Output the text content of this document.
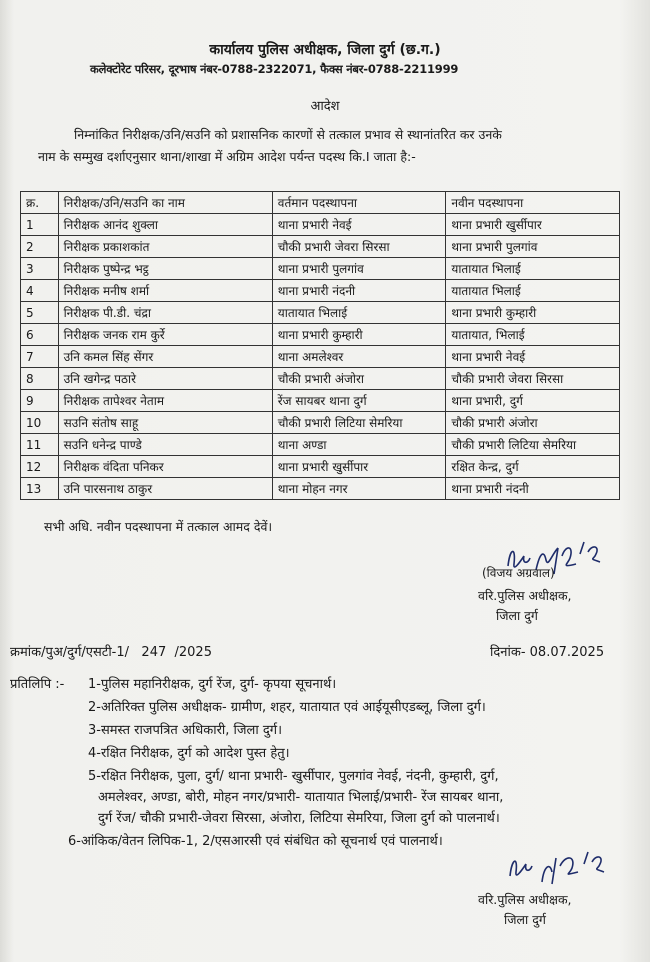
कार्यालय पुलिस अधीक्षक, जिला दुर्ग (छ.ग.)
कलेक्टोरेट परिसर, दूरभाष नंबर-0788-2322071, फैक्स नंबर-0788-2211999
आदेश
निम्नांकित निरीक्षक/उनि/सउनि को प्रशासनिक कारणों से तत्काल प्रभाव से स्थानांतरित कर उनके
नाम के सम्मुख दर्शाएनुसार थाना/शाखा में अग्रिम आदेश पर्यन्त पदस्थ कि.I जाता है:-
क्र.	निरीक्षक/उनि/सउनि का नाम	वर्तमान पदस्थापना	नवीन पदस्थापना
1	निरीक्षक आनंद शुक्ला	थाना प्रभारी नेवई	थाना प्रभारी खुर्सीपार
2	निरीक्षक प्रकाशकांत	चौकी प्रभारी जेवरा सिरसा	थाना प्रभारी पुलगांव
3	निरीक्षक पुष्पेन्द्र भट्ठ	थाना प्रभारी पुलगांव	यातायात भिलाई
4	निरीक्षक मनीष शर्मा	थाना प्रभारी नंदनी	यातायात भिलाई
5	निरीक्षक पी.डी. चंद्रा	यातायात भिलाई	थाना प्रभारी कुम्हारी
6	निरीक्षक जनक राम कुर्रे	थाना प्रभारी कुम्हारी	यातायात, भिलाई
7	उनि कमल सिंह सेंगर	थाना अमलेश्वर	थाना प्रभारी नेवई
8	उनि खगेन्द्र पठारे	चौकी प्रभारी अंजोरा	चौकी प्रभारी जेवरा सिरसा
9	निरीक्षक तापेश्वर नेताम	रेंज सायबर थाना दुर्ग	थाना प्रभारी, दुर्ग
10	सउनि संतोष साहू	चौकी प्रभारी लिटिया सेमरिया	चौकी प्रभारी अंजोरा
11	सउनि धनेन्द्र पाण्डे	थाना अण्डा	चौकी प्रभारी लिटिया सेमरिया
12	निरीक्षक वंदिता पनिकर	थाना प्रभारी खुर्सीपार	रक्षित केन्द्र, दुर्ग
13	उनि पारसनाथ ठाकुर	थाना मोहन नगर	थाना प्रभारी नंदनी
सभी अधि. नवीन पदस्थापना में तत्काल आमद देवें।
(विजय अग्रवाल)
वरि.पुलिस अधीक्षक,
जिला दुर्ग
क्रमांक/पुअ/दुर्ग/एसटी-1/   247  /2025	दिनांक- 08.07.2025
प्रतिलिपि :- 1-पुलिस महानिरीक्षक, दुर्ग रेंज, दुर्ग- कृपया सूचनार्थ।
2-अतिरिक्त पुलिस अधीक्षक- ग्रामीण, शहर, यातायात एवं आईयूसीएडब्लू, जिला दुर्ग।
3-समस्त राजपत्रित अधिकारी, जिला दुर्ग।
4-रक्षित निरीक्षक, दुर्ग को आदेश पुस्त हेतु।
5-रक्षित निरीक्षक, पुला, दुर्ग/ थाना प्रभारी- खुर्सीपार, पुलगांव नेवई, नंदनी, कुम्हारी, दुर्ग,
अमलेश्वर, अण्डा, बोरी, मोहन नगर/प्रभारी- यातायात भिलाई/प्रभारी- रेंज सायबर थाना,
दुर्ग रेंज/ चौकी प्रभारी-जेवरा सिरसा, अंजोरा, लिटिया सेमरिया, जिला दुर्ग को पालनार्थ।
6-आंकिक/वेतन लिपिक-1, 2/एसआरसी एवं संबंधित को सूचनार्थ एवं पालनार्थ।
वरि.पुलिस अधीक्षक,
जिला दुर्ग
